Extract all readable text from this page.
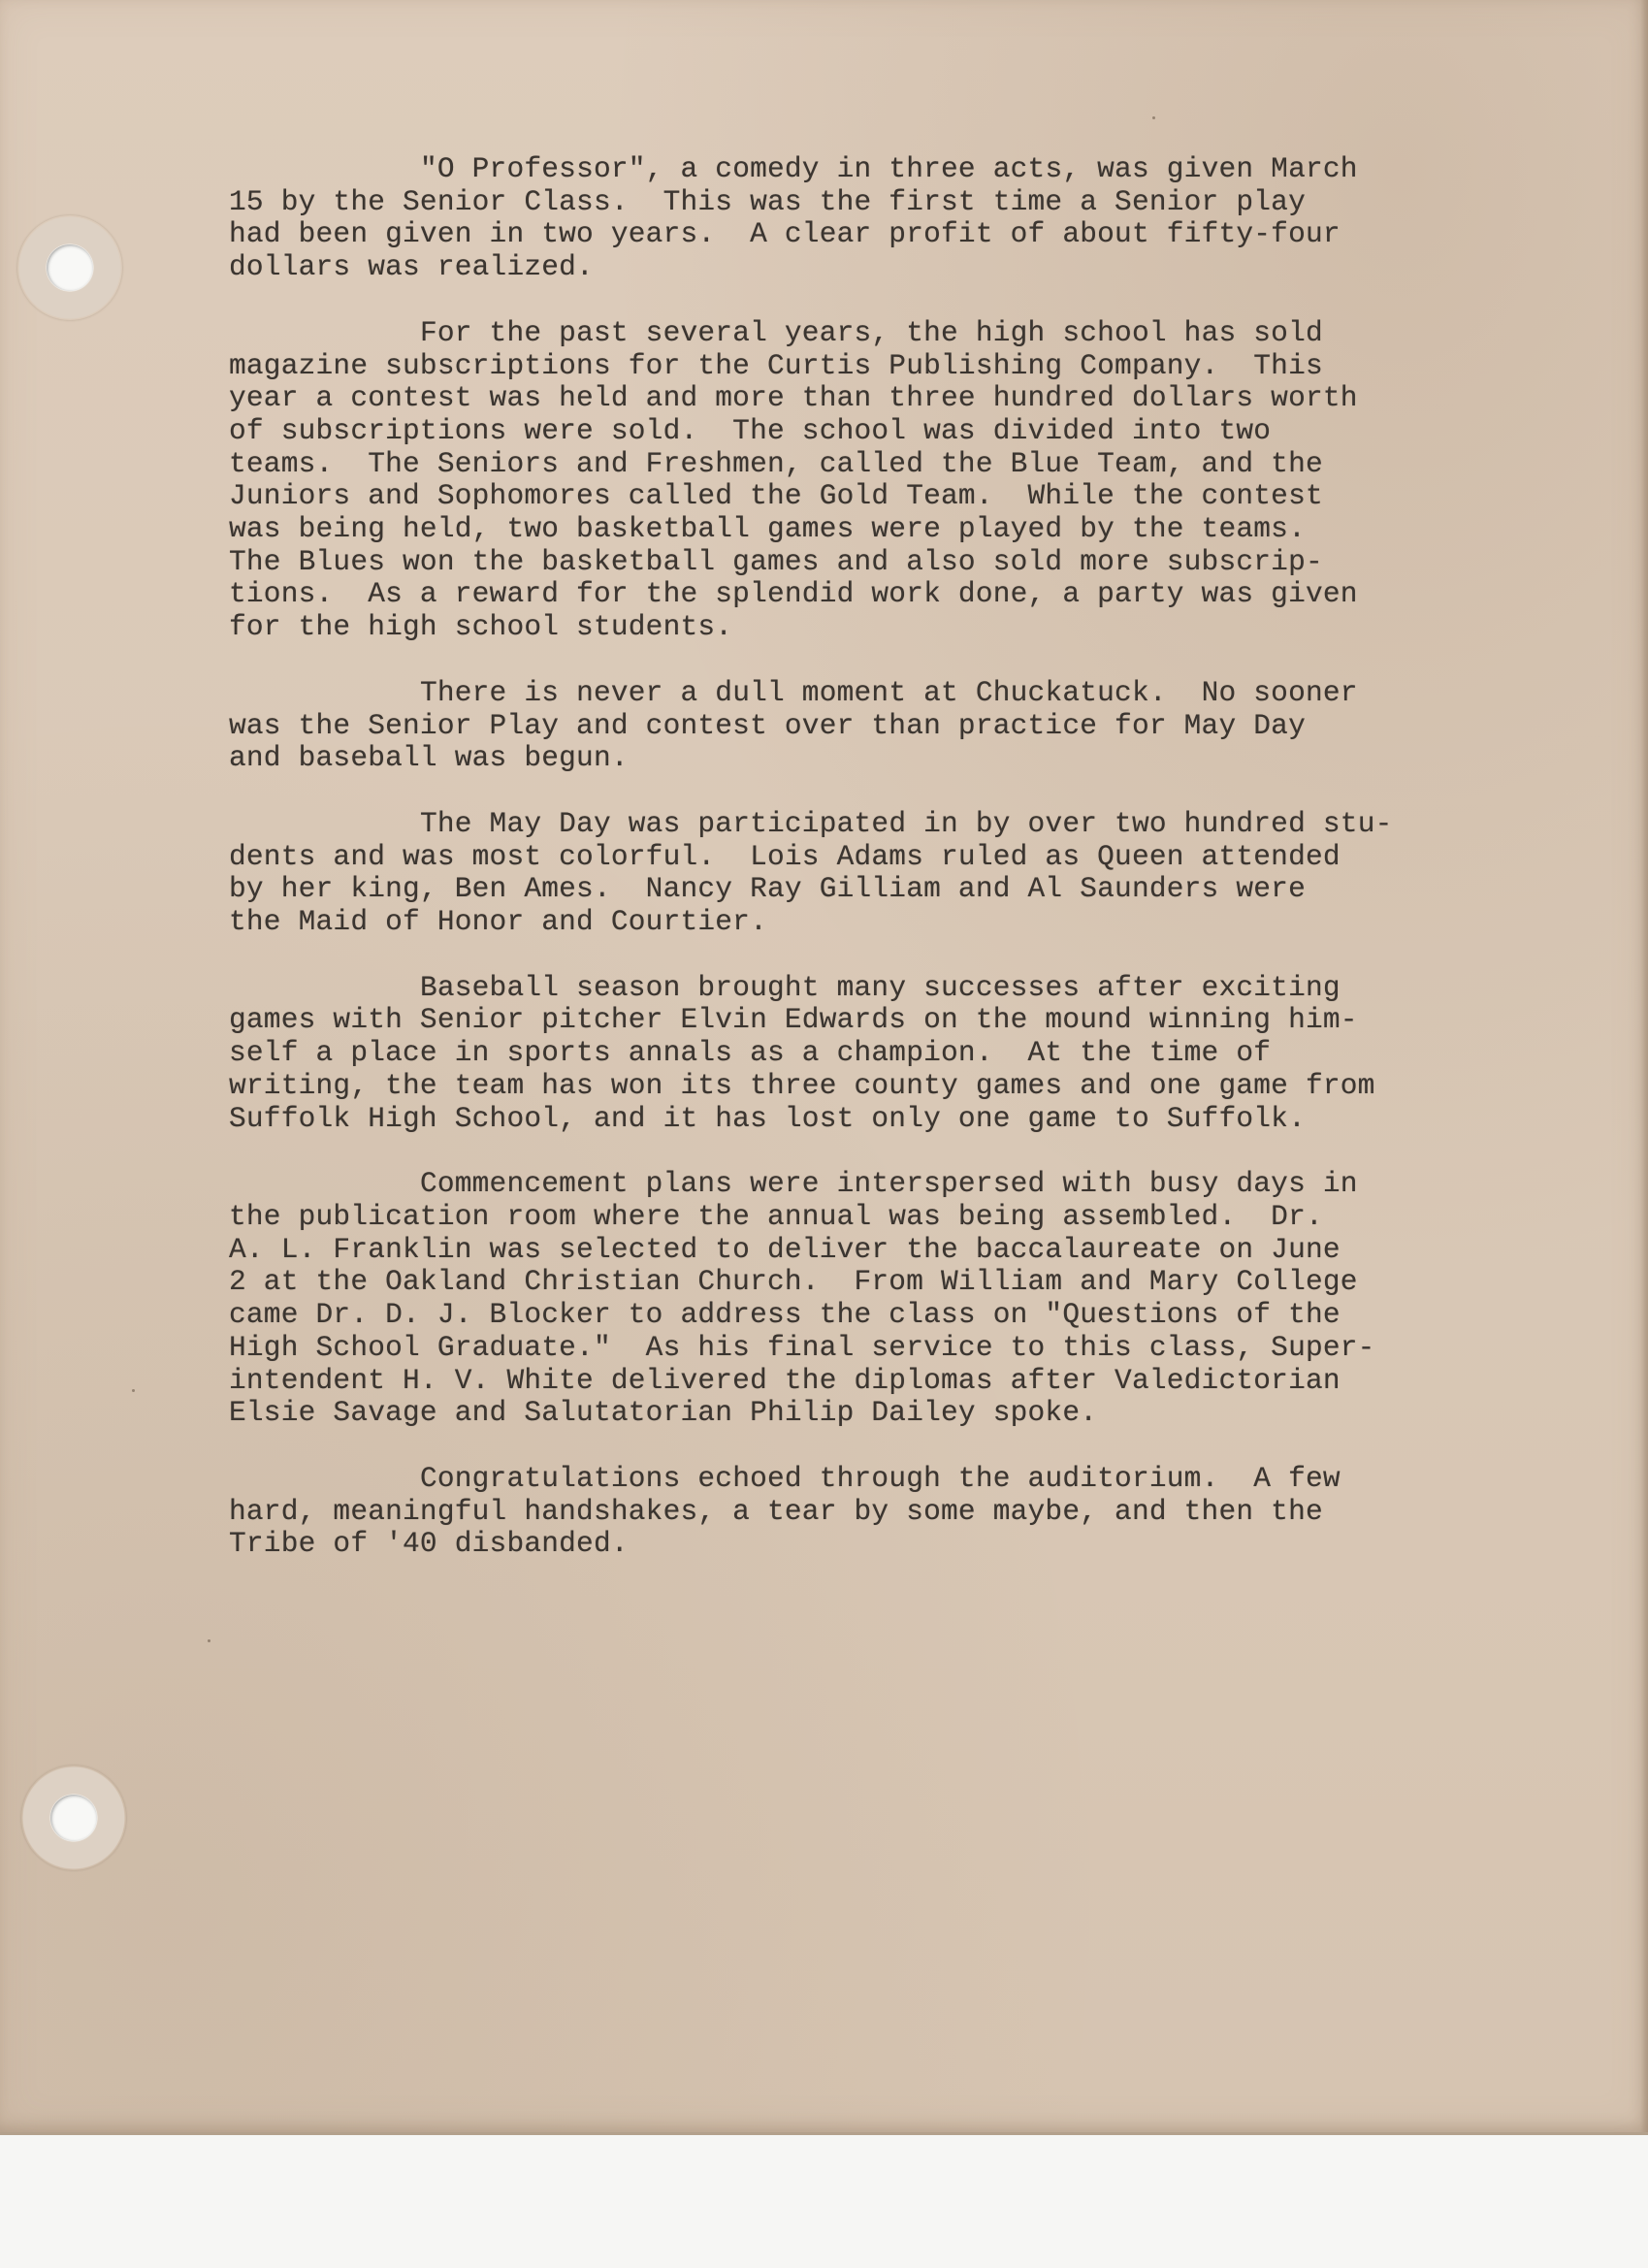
"O Professor", a comedy in three acts, was given March
15 by the Senior Class.  This was the first time a Senior play
had been given in two years.  A clear profit of about fifty-four
dollars was realized.

For the past several years, the high school has sold
magazine subscriptions for the Curtis Publishing Company.  This
year a contest was held and more than three hundred dollars worth
of subscriptions were sold.  The school was divided into two
teams.  The Seniors and Freshmen, called the Blue Team, and the
Juniors and Sophomores called the Gold Team.  While the contest
was being held, two basketball games were played by the teams.
The Blues won the basketball games and also sold more subscrip-
tions.  As a reward for the splendid work done, a party was given
for the high school students.

There is never a dull moment at Chuckatuck.  No sooner
was the Senior Play and contest over than practice for May Day
and baseball was begun.

The May Day was participated in by over two hundred stu-
dents and was most colorful.  Lois Adams ruled as Queen attended
by her king, Ben Ames.  Nancy Ray Gilliam and Al Saunders were
the Maid of Honor and Courtier.

Baseball season brought many successes after exciting
games with Senior pitcher Elvin Edwards on the mound winning him-
self a place in sports annals as a champion.  At the time of
writing, the team has won its three county games and one game from
Suffolk High School, and it has lost only one game to Suffolk.

Commencement plans were interspersed with busy days in
the publication room where the annual was being assembled.  Dr.
A. L. Franklin was selected to deliver the baccalaureate on June
2 at the Oakland Christian Church.  From William and Mary College
came Dr. D. J. Blocker to address the class on "Questions of the
High School Graduate."  As his final service to this class, Super-
intendent H. V. White delivered the diplomas after Valedictorian
Elsie Savage and Salutatorian Philip Dailey spoke.

Congratulations echoed through the auditorium.  A few
hard, meaningful handshakes, a tear by some maybe, and then the
Tribe of '40 disbanded.
